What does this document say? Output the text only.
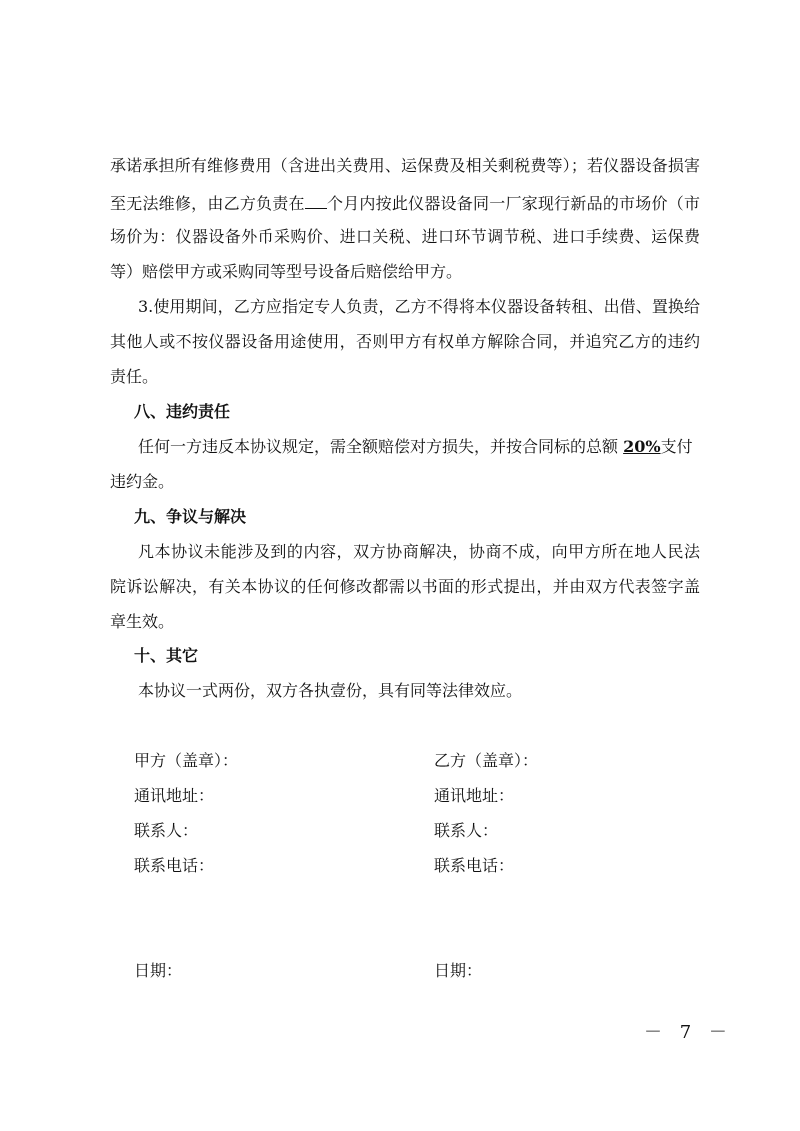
承诺承担所有维修费用（含进出关费用、运保费及相关剩税费等）；若仪器设备损害
至无法维修，由乙方负责在 个月内按此仪器设备同一厂家现行新品的市场价（市
场价为：仪器设备外币采购价、进口关税、进口环节调节税、进口手续费、运保费
等）赔偿甲方或采购同等型号设备后赔偿给甲方。
3.使用期间，乙方应指定专人负责，乙方不得将本仪器设备转租、出借、置换给
其他人或不按仪器设备用途使用，否则甲方有权单方解除合同，并追究乙方的违约
责任。
八、违约责任
任何一方违反本协议规定，需全额赔偿对方损失，并按合同标的总额 20%支付
违约金。
九、争议与解决
凡本协议未能涉及到的内容，双方协商解决，协商不成，向甲方所在地人民法
院诉讼解决，有关本协议的任何修改都需以书面的形式提出，并由双方代表签字盖
章生效。
十、其它
本协议一式两份，双方各执壹份，具有同等法律效应。
甲方（盖章）：
通讯地址：
联系人：
联系电话：
日期：
乙方（盖章）：
通讯地址：
联系人：
联系电话：
日期：
－ 7 －
